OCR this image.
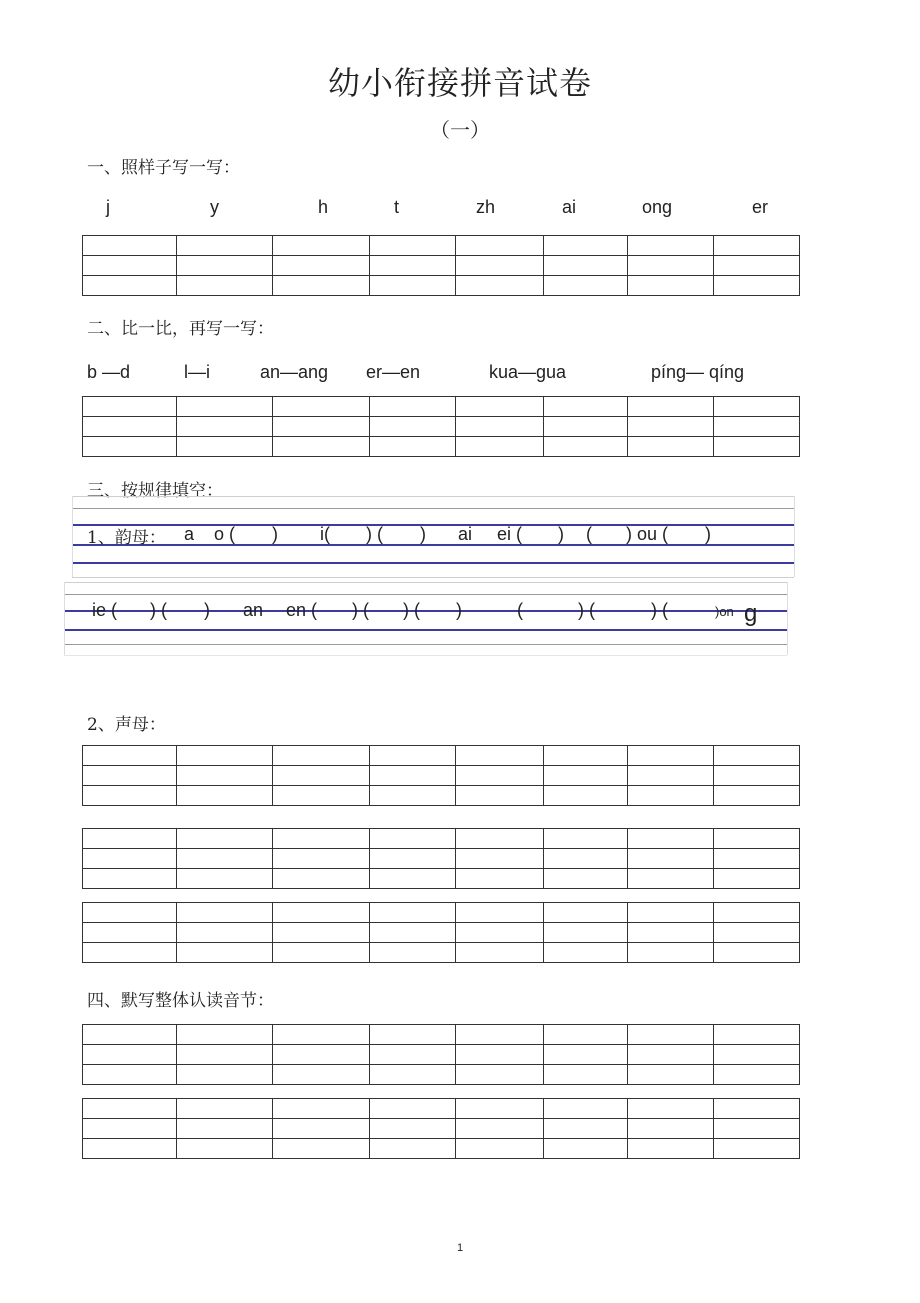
幼小衔接拼音试卷
（一）
一、照样子写一写：
j	y	h	t	zh	ai	onɡ	er

二、比一比，再写一写：
b —d	l—i	an—anɡ er—en	kua—ɡua	pínɡ— qínɡ

三、按规律填空：
1、韵母： a o ( ) i( ) ( ) ai ei ( ) ( ) ou ( )
ie ( ) ( ) an en ( ) ( ) ( )	(	) (	) (	)on g
2、声母：

四、默写整体认读音节：

1
